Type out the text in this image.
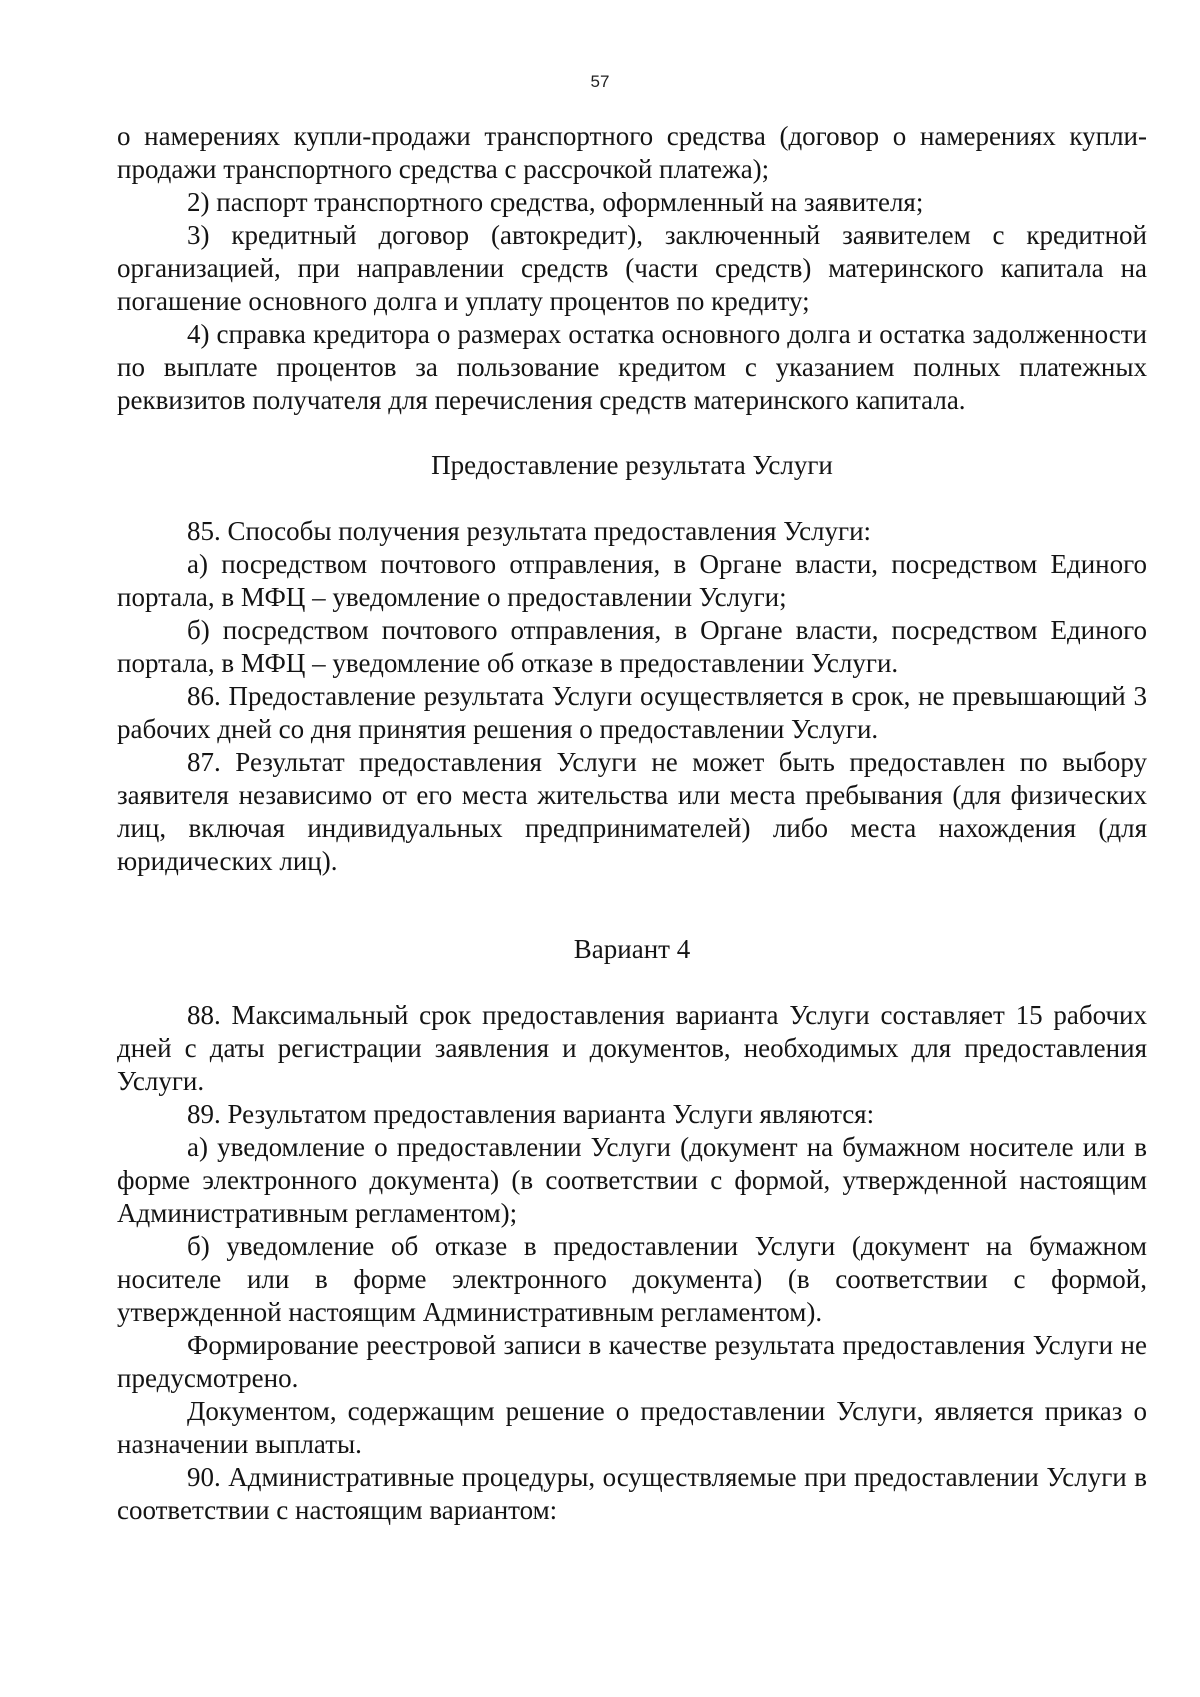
57

о намерениях купли-продажи транспортного средства (договор о намерениях купли-продажи транспортного средства с рассрочкой платежа);

2) паспорт транспортного средства, оформленный на заявителя;

3) кредитный договор (автокредит), заключенный заявителем с кредитной организацией, при направлении средств (части средств) материнского капитала на погашение основного долга и уплату процентов по кредиту;

4) справка кредитора о размерах остатка основного долга и остатка задолженности по выплате процентов за пользование кредитом с указанием полных платежных реквизитов получателя для перечисления средств материнского капитала.

Предоставление результата Услуги

85. Способы получения результата предоставления Услуги:

а) посредством почтового отправления, в Органе власти, посредством Единого портала, в МФЦ – уведомление о предоставлении Услуги;

б) посредством почтового отправления, в Органе власти, посредством Единого портала, в МФЦ – уведомление об отказе в предоставлении Услуги.

86. Предоставление результата Услуги осуществляется в срок, не превышающий 3 рабочих дней со дня принятия решения о предоставлении Услуги.

87. Результат предоставления Услуги не может быть предоставлен по выбору заявителя независимо от его места жительства или места пребывания (для физических лиц, включая индивидуальных предпринимателей) либо места нахождения (для юридических лиц).

Вариант 4

88. Максимальный срок предоставления варианта Услуги составляет 15 рабочих дней с даты регистрации заявления и документов, необходимых для предоставления Услуги.

89. Результатом предоставления варианта Услуги являются:

а) уведомление о предоставлении Услуги (документ на бумажном носителе или в форме электронного документа) (в соответствии с формой, утвержденной настоящим Административным регламентом);

б) уведомление об отказе в предоставлении Услуги (документ на бумажном носителе или в форме электронного документа) (в соответствии с формой, утвержденной настоящим Административным регламентом).

Формирование реестровой записи в качестве результата предоставления Услуги не предусмотрено.

Документом, содержащим решение о предоставлении Услуги, является приказ о назначении выплаты.

90. Административные процедуры, осуществляемые при предоставлении Услуги в соответствии с настоящим вариантом:
